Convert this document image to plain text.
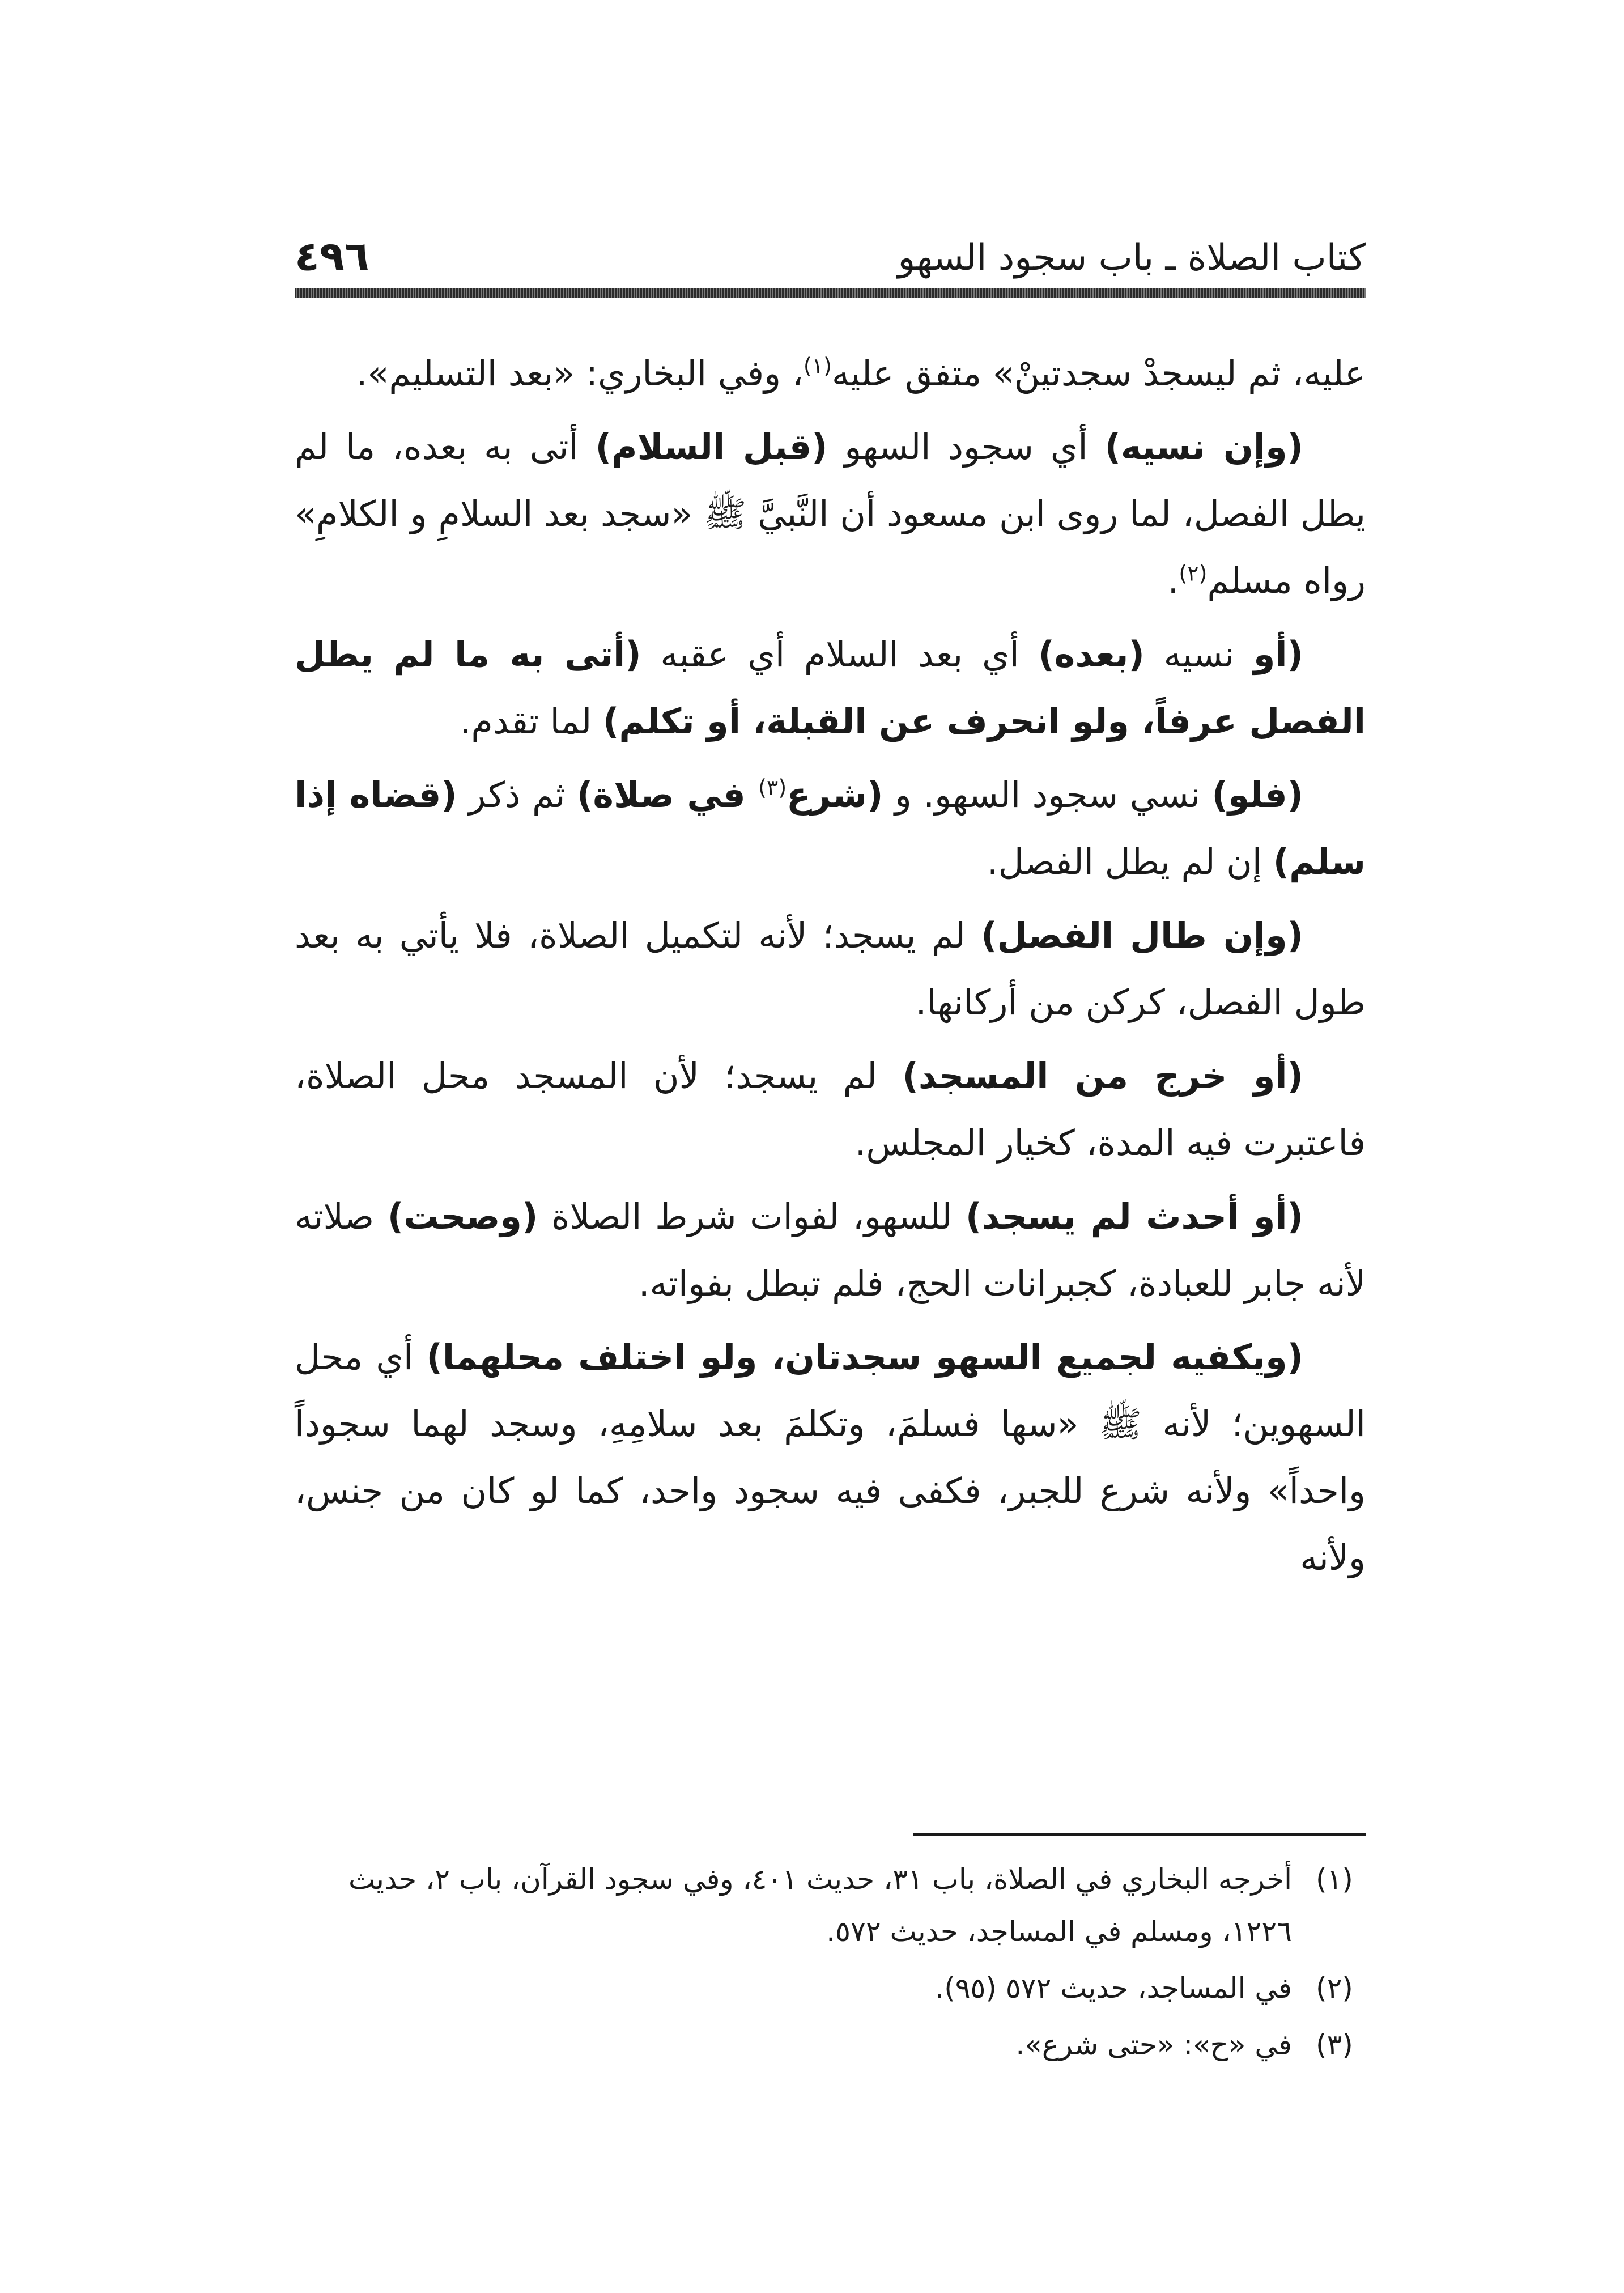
كتاب الصلاة ـ باب سجود السهو
٤٩٦

عليه، ثم ليسجدْ سجدتينْ» متفق عليه$^{(١)}$، وفي البخاري: «بعد التسليم».

(وإن نسيه) أي سجود السهو (قبل السلام) أتى به بعده، ما لم يطل الفصل، لما روى ابن مسعود أن النَّبيَّ ﷺ «سجد بعد السلامِ و الكلامِ» رواه مسلم$^{(٢)}$.

(أو نسيه (بعده) أي بعد السلام أي عقبه (أتى به ما لم يطل الفصل عرفاً، ولو انحرف عن القبلة، أو تكلم) لما تقدم.

(فلو) نسي سجود السهو. و (شرع$^{(٣)}$ في صلاة) ثم ذكر (قضاه إذا سلم) إن لم يطل الفصل.

(وإن طال الفصل) لم يسجد؛ لأنه لتكميل الصلاة، فلا يأتي به بعد طول الفصل، كركن من أركانها.

(أو خرج من المسجد) لم يسجد؛ لأن المسجد محل الصلاة، فاعتبرت فيه المدة، كخيار المجلس.

(أو أحدث لم يسجد) للسهو، لفوات شرط الصلاة (وصحت) صلاته لأنه جابر للعبادة، كجبرانات الحج، فلم تبطل بفواته.

(ويكفيه لجميع السهو سجدتان، ولو اختلف محلهما) أي محل السهوين؛ لأنه ﷺ «سها فسلمَ، وتكلمَ بعد سلامِهِ، وسجد لهما سجوداً واحداً» ولأنه شرع للجبر، فكفى فيه سجود واحد، كما لو كان من جنس، ولأنه

(١)
أخرجه البخاري في الصلاة، باب ٣١، حديث ٤٠١، وفي سجود القرآن، باب ٢، حديث ١٢٢٦، ومسلم في المساجد، حديث ٥٧٢.
(٢)
في المساجد، حديث ٥٧٢ (٩٥).
(٣)
في «ح»: «حتى شرع».
